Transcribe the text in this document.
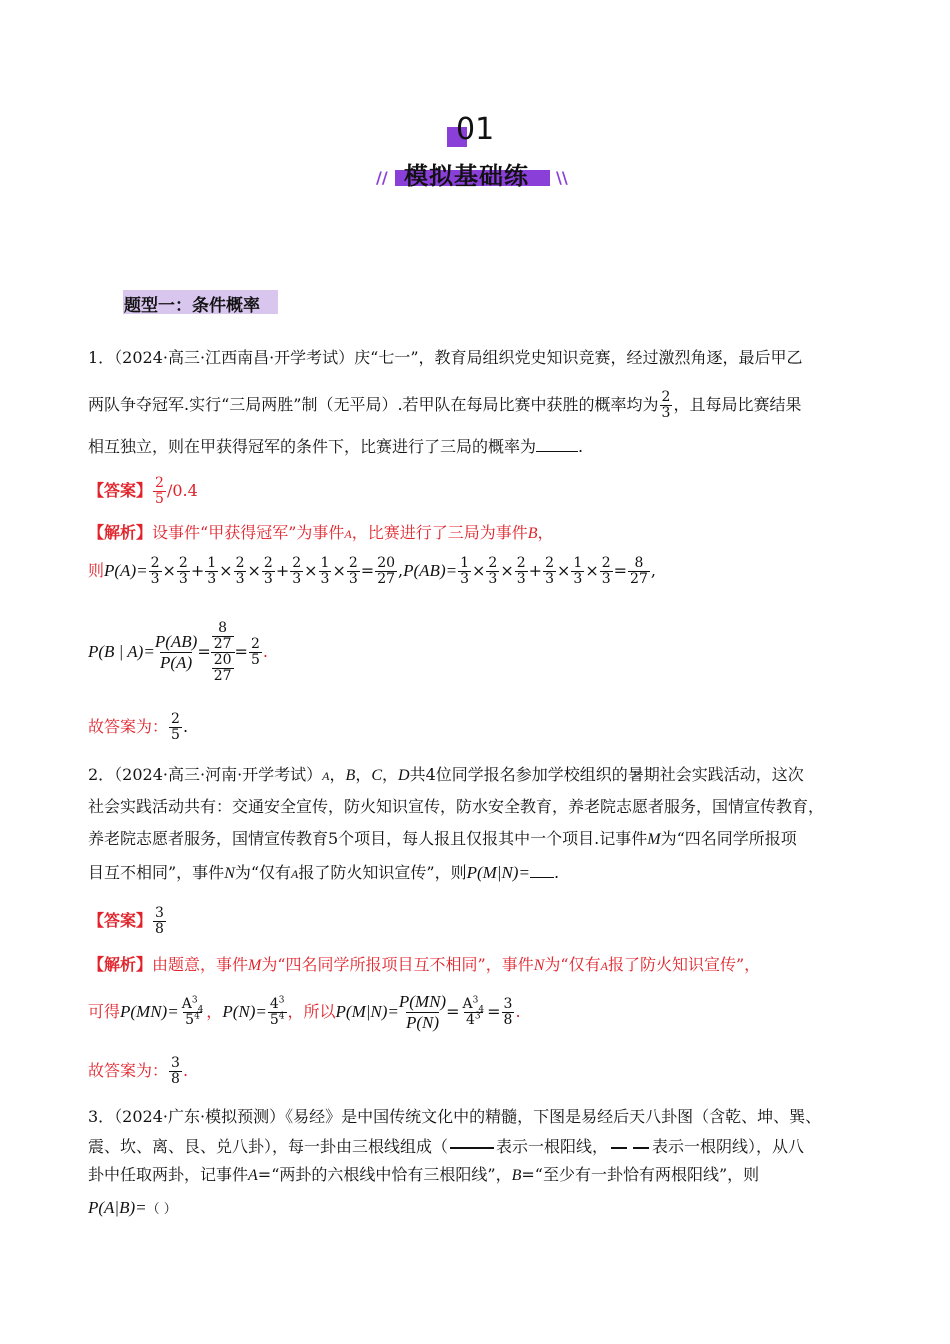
01
模拟基础练
//	\\
题型一：条件概率
1．（2024·高三·江西南昌·开学考试）庆“七一”，教育局组织党史知识竞赛，经过激烈角逐，最后甲乙
两队争夺冠军.实行“三局两胜”制（无平局）.若甲队在每局比赛中获胜的概率均为 $\frac{2}{3}$ ，且每局比赛结果
相互独立，则在甲获得冠军的条件下，比赛进行了三局的概率为	.
【答案】 $\frac{2}{5} /0.4$
【解析】设事件“甲获得冠军”为事件A，比赛进行了三局为事件B，
则$P(A)= \frac{2}{3} \times \frac{2}{3} + \frac{1}{3} \times \frac{2}{3} \times \frac{2}{3} + \frac{2}{3} \times \frac{1}{3} \times \frac{2}{3} = \frac{20}{27} ,P(AB)= \frac{1}{3} \times \frac{2}{3} \times \frac{2}{3} + \frac{2}{3} \times \frac{1}{3} \times \frac{2}{3} = \frac{8}{27}$ ,
P(B | $A)= \frac{P(AB)}{P(A)} = \frac{\frac{8}{27}}{\frac{20}{27}} = \frac{2}{5}$ .
故答案为： $\frac{2}{5}$ .
2．（2024·高三·河南·开学考试）A，B，C，D共4位同学报名参加学校组织的暑期社会实践活动，这次
社会实践活动共有：交通安全宣传，防火知识宣传，防水安全教育，养老院志愿者服务，国情宣传教育，
养老院志愿者服务，国情宣传教育5个项目，每人报且仅报其中一个项目.记事件M为“四名同学所报项
目互不相同”，事件N为“仅有A报了防火知识宣传”，则P(M|N)= .
【答案】 $\frac{3}{8}$
【解析】由题意，事件M为“四名同学所报项目互不相同”，事件N为“仅有A报了防火知识宣传”，
可得 $P(MN)= \frac{A^3_4}{5^4}$ ， $P(N)= \frac{4^3}{5^4}$ ， 所以 $P(M|N)= \frac{P(MN)}{P(N)} = \frac{A^3_4}{4^3} = \frac{3}{8}$ .
故答案为： $\frac{3}{8}$ .
3．（2024·广东·模拟预测）《易经》是中国传统文化中的精髓，下图是易经后天八卦图（含乾、坤、巽、
震、坎、离、艮、兑八卦），每一卦由三根线组成（	表示一根阳线，	表示一根阴线），从八
卦中任取两卦，记事件A=“两卦的六根线中恰有三根阳线”，B=“至少有一卦恰有两根阳线”，则
P(A|B)=（ ）
